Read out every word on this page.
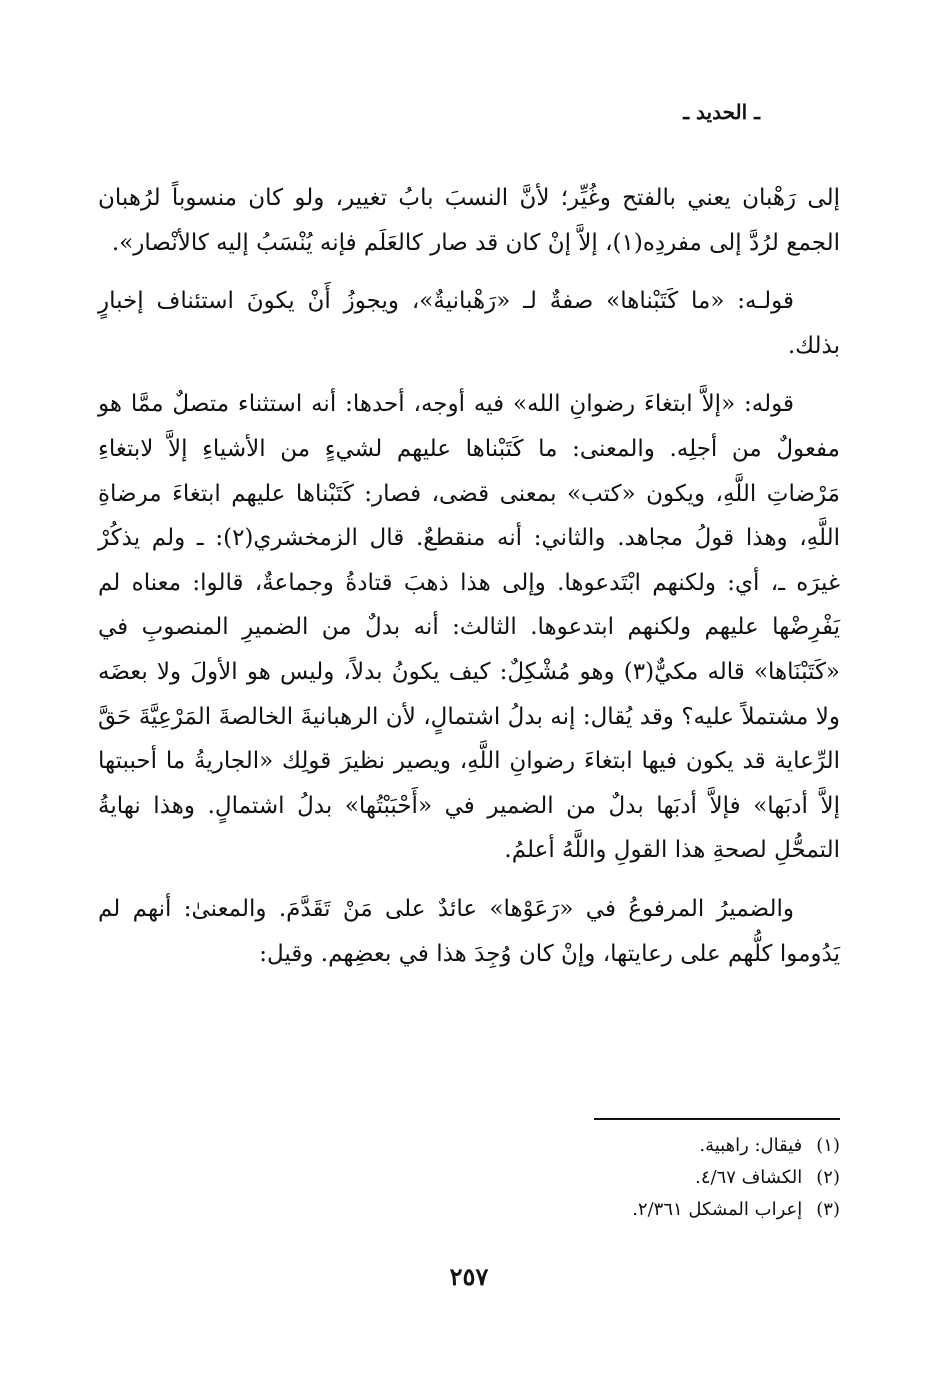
ـ الحديد ـ

إلى رَهْبان يعني بالفتح وغُيِّر؛ لأنَّ النسبَ بابُ تغيير، ولو كان منسوباً لرُهبان الجمع لرُدَّ إلى مفردِه(١)، إلاَّ إنْ كان قد صار كالعَلَم فإنه يُنْسَبُ إليه كالأنْصار».

قولـه: «ما كَتَبْناها» صفةٌ لـ «رَهْبانيةٌ»، ويجوزُ أَنْ يكونَ استئناف إخبارٍ بذلك.

قوله: «إلاَّ ابتغاءَ رضوانِ الله» فيه أوجه، أحدها: أنه استثناء متصلٌ ممَّا هو مفعولٌ من أجلِه. والمعنى: ما كَتَبْناها عليهم لشيءٍ من الأشياءِ إلاَّ لابتغاءِ مَرْضاتِ اللَّهِ، ويكون «كتب» بمعنى قضى، فصار: كَتَبْناها عليهم ابتغاءَ مرضاةِ اللَّهِ، وهذا قولُ مجاهد. والثاني: أنه منقطعٌ. قال الزمخشري(٢): ـ ولم يذكُرْ غيرَه ـ، أي: ولكنهم ابْتَدعوها. وإلى هذا ذهبَ قتادةُ وجماعةٌ، قالوا: معناه لم يَفْرِضْها عليهم ولكنهم ابتدعوها. الثالث: أنه بدلٌ من الضميرِ المنصوبِ في «كَتَبْنَاها» قاله مكيٌّ(٣) وهو مُشْكِلٌ: كيف يكونُ بدلاً، وليس هو الأولَ ولا بعضَه ولا مشتملاً عليه؟ وقد يُقال: إنه بدلُ اشتمالٍ، لأن الرهبانيةَ الخالصةَ المَرْعِيَّةَ حَقَّ الرِّعاية قد يكون فيها ابتغاءَ رضوانِ اللَّهِ، ويصير نظيرَ قولِك «الجاريةُ ما أحببتها إلاَّ أدبَها» فإلاَّ أدبَها بدلٌ من الضمير في «أَحْبَبْتُها» بدلُ اشتمالٍ. وهذا نهايةُ التمحُّلِ لصحةِ هذا القولِ واللَّهُ أعلمُ.

والضميرُ المرفوعُ في «رَعَوْها» عائدٌ على مَنْ تَقَدَّمَ. والمعنىٰ: أنهم لم يَدُوموا كلُّهم على رعايتها، وإنْ كان وُجِدَ هذا في بعضِهم. وقيل:

(١)فيقال: راهبية.
(٢)الكشاف ٤/٦٧.
(٣)إعراب المشكل ٢/٣٦١.
٢٥٧
